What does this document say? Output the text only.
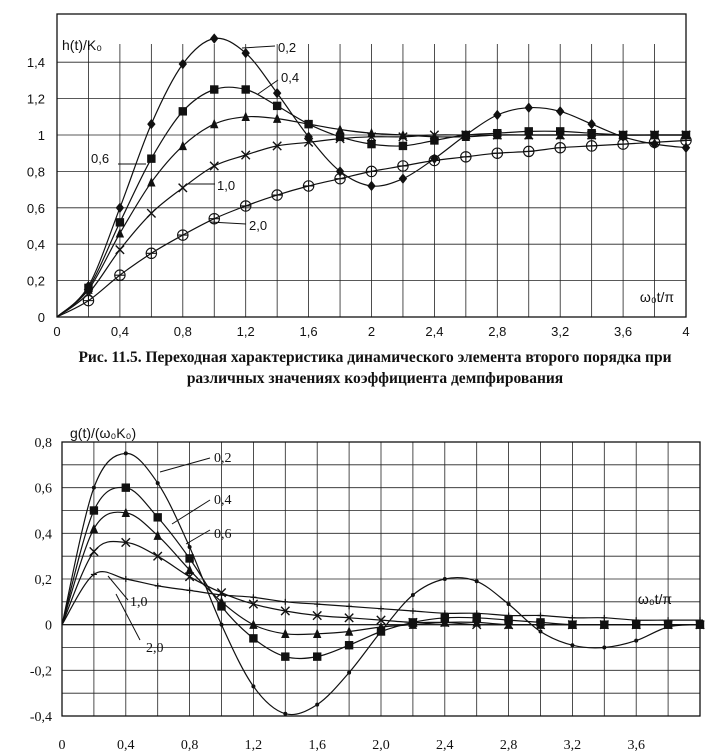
0	0,4	0,8	1,2	1,6	2	2,4	2,8	3,2	3,6	4
0
0,2
0,4
0,6
0,8
1
1,2
1,4
h(t)/K₀
ω₀t/π
0,2
0,4
0,6
1,0
2,0
Рис. 11.5. Переходная характеристика динамического элемента второго порядка при различных значениях коэффициента демпфирования
0	0,4	0,8	1,2	1,6	2,0	2,4	2,8	3,2	3,6
-0,4
-0,2
0
0,2
0,4
0,6
0,8
g(t)/(ω₀K₀)
ω₀t/π
0,2
0,4
0,6
1,0
2,0
